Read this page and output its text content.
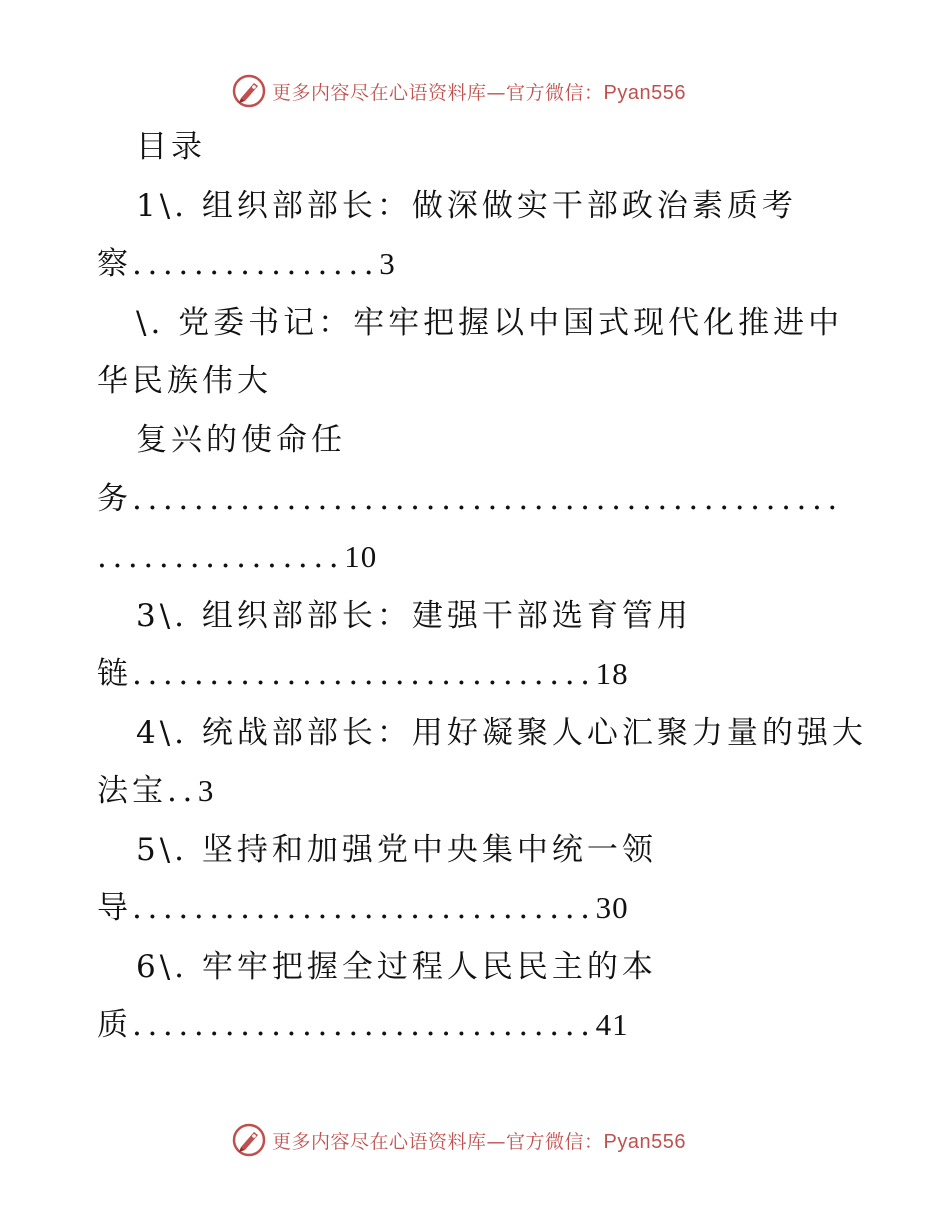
更多内容尽在心语资料库—官方微信：Pyan556
目录
1\. 组织部部长：做深做实干部政治素质考
察................3
\. 党委书记：牢牢把握以中国式现代化推进中
华民族伟大
复兴的使命任
务..............................................
................10
3\. 组织部部长：建强干部选育管用
链..............................18
4\. 统战部部长：用好凝聚人心汇聚力量的强大
法宝..3
5\. 坚持和加强党中央集中统一领
导..............................30
6\. 牢牢把握全过程人民民主的本
质..............................41
更多内容尽在心语资料库—官方微信：Pyan556
